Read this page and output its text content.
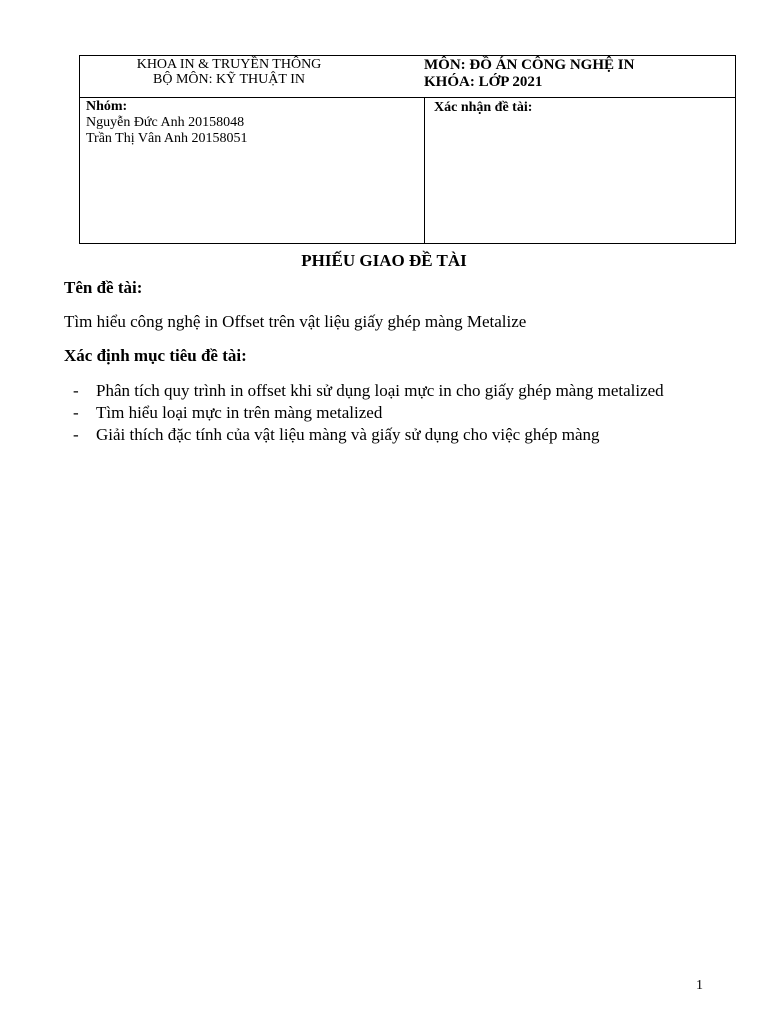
KHOA IN & TRUYỀN THÔNG
BỘ MÔN: KỸ THUẬT IN
MÔN: ĐỒ ÁN CÔNG NGHỆ IN
KHÓA: LỚP 2021
Nhóm:
Nguyễn Đức Anh 20158048
Trần Thị Vân Anh 20158051
Xác nhận đề tài:
PHIẾU GIAO ĐỀ TÀI
Tên đề tài:
Tìm hiểu công nghệ in Offset trên vật liệu giấy ghép màng Metalize
Xác định mục tiêu đề tài:
- Phân tích quy trình in offset khi sử dụng loại mực in cho giấy ghép màng metalized
- Tìm hiểu loại mực in trên màng metalized
- Giải thích đặc tính của vật liệu màng và giấy sử dụng cho việc ghép màng
1
